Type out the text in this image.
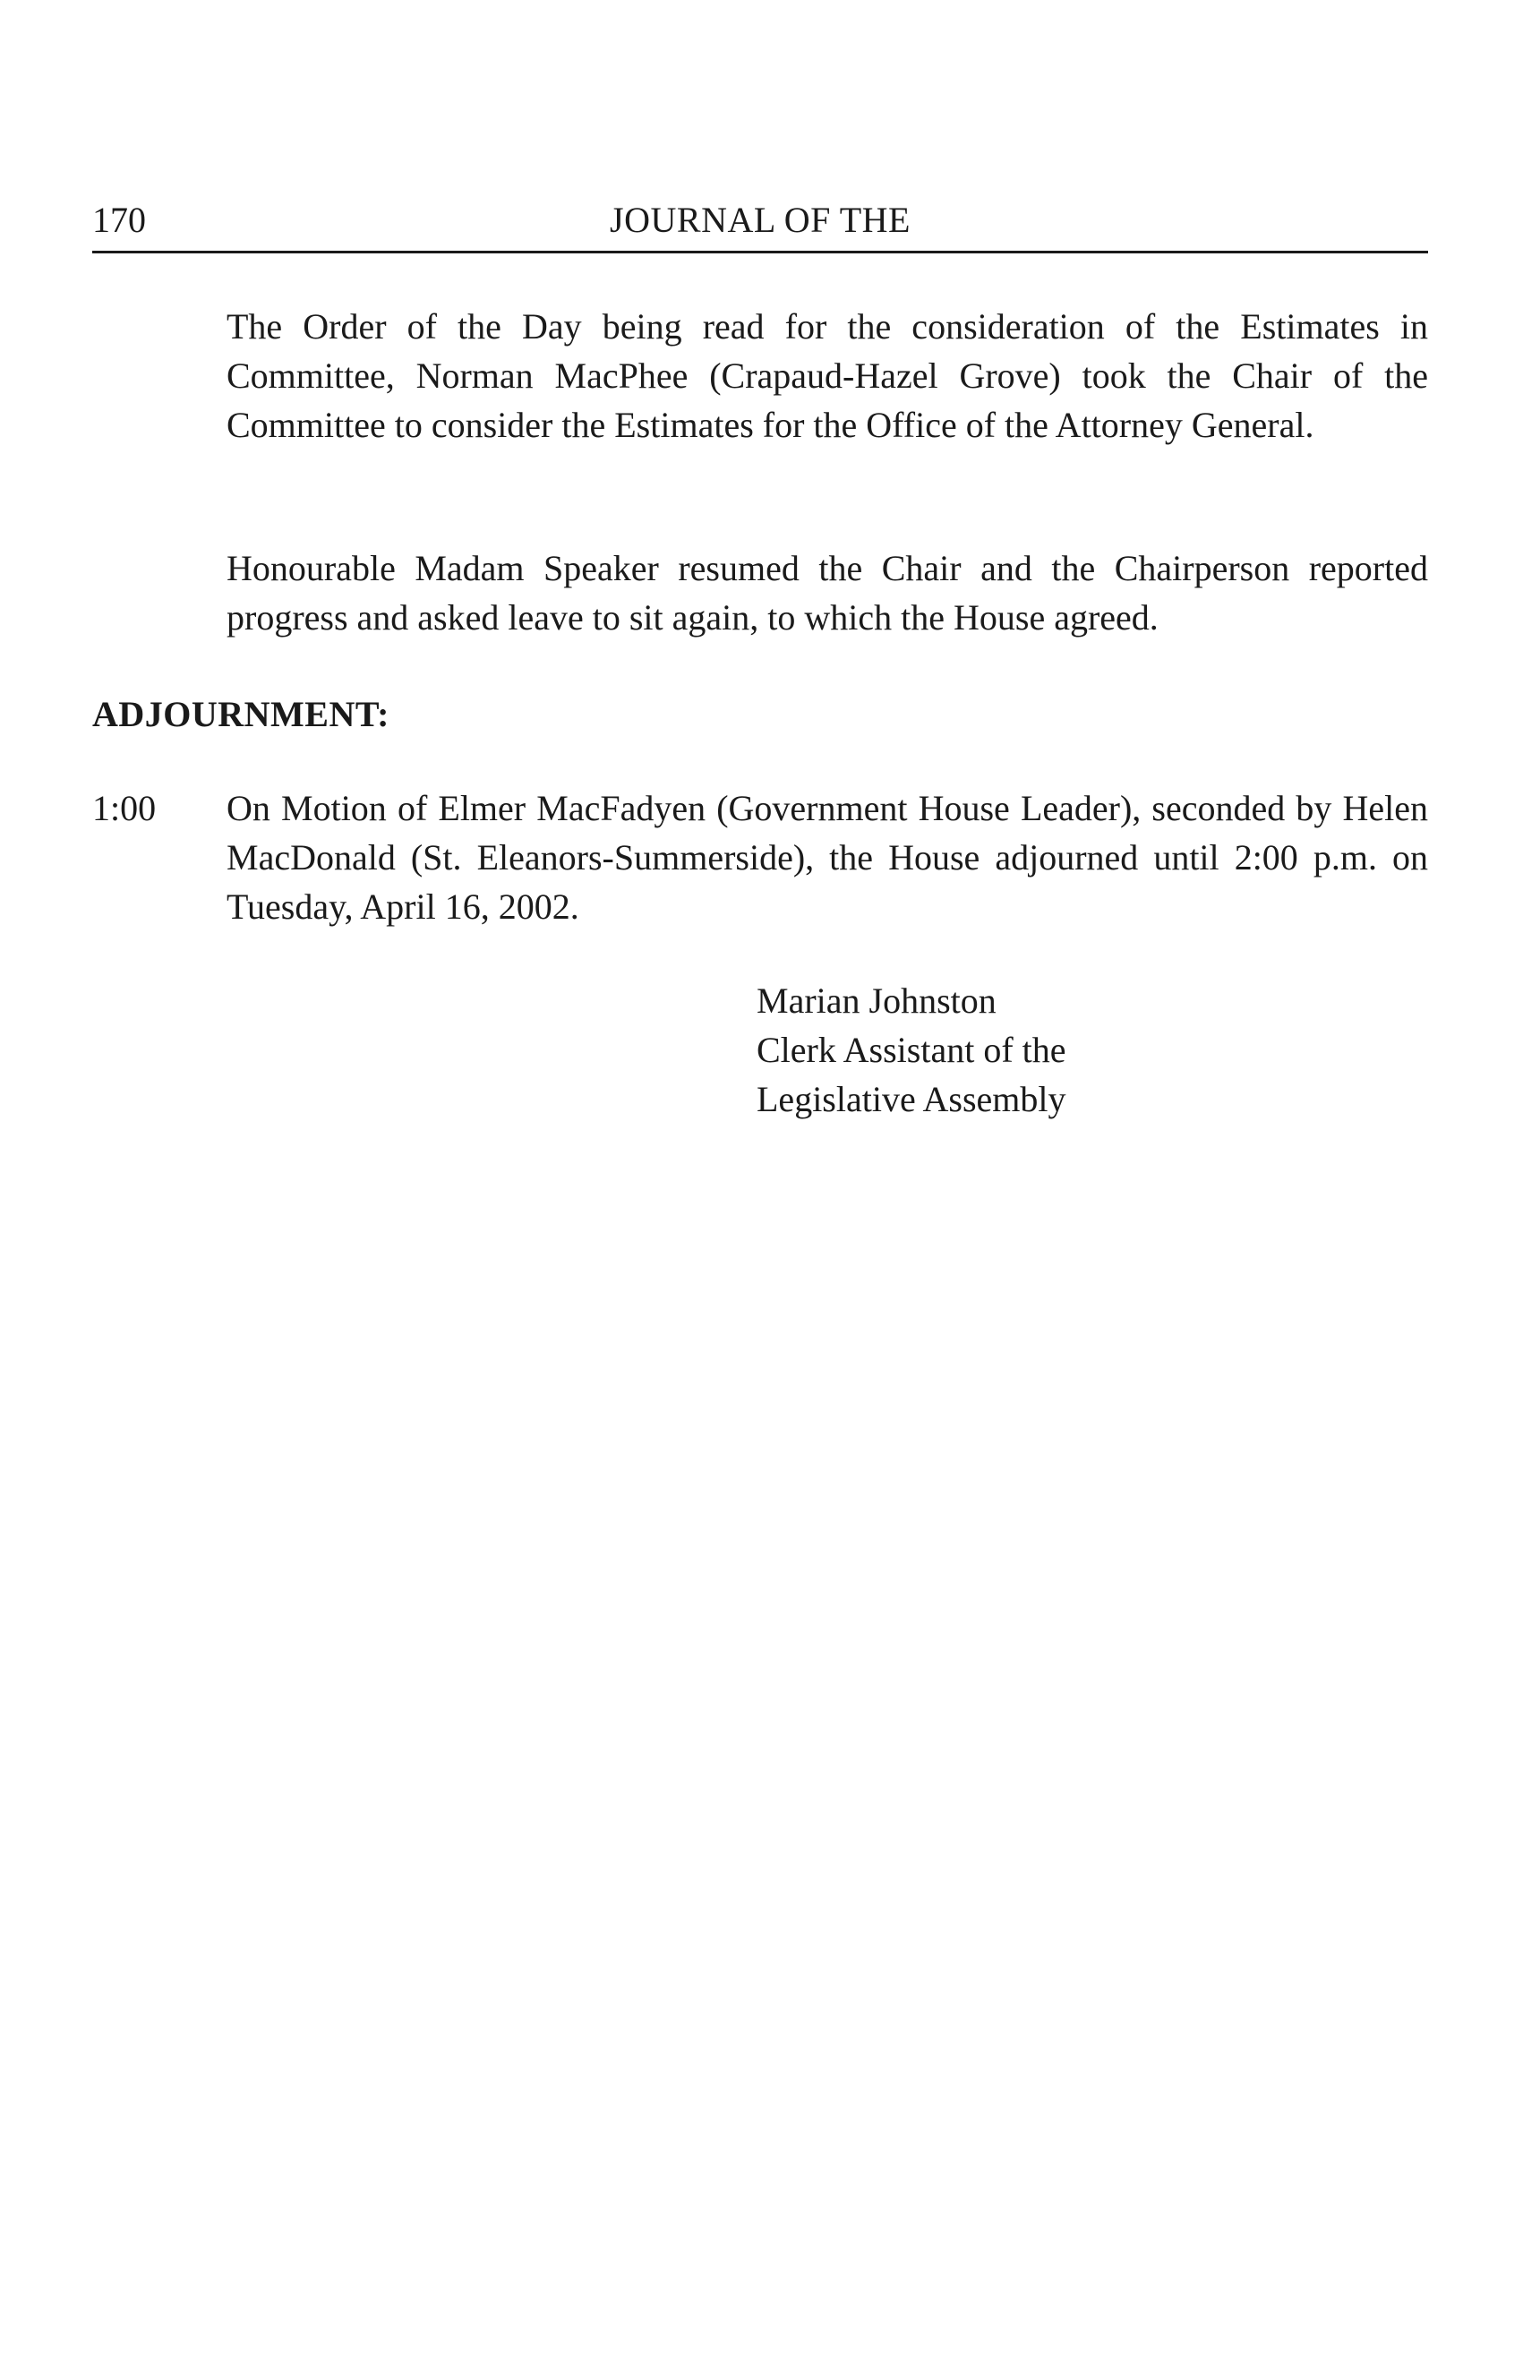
170	JOURNAL OF THE

The Order of the Day being read for the consideration of the Estimates in Committee, Norman MacPhee (Crapaud-Hazel Grove) took the Chair of the Committee to consider the Estimates for the Office of the Attorney General.

Honourable Madam Speaker resumed the Chair and the Chairperson reported progress and asked leave to sit again, to which the House agreed.

ADJOURNMENT:
1:00 On Motion of Elmer MacFadyen (Government House Leader), seconded by Helen MacDonald (St. Eleanors-Summerside), the House adjourned until 2:00 p.m. on Tuesday, April 16, 2002.

Marian Johnston
Clerk Assistant of the
Legislative Assembly
